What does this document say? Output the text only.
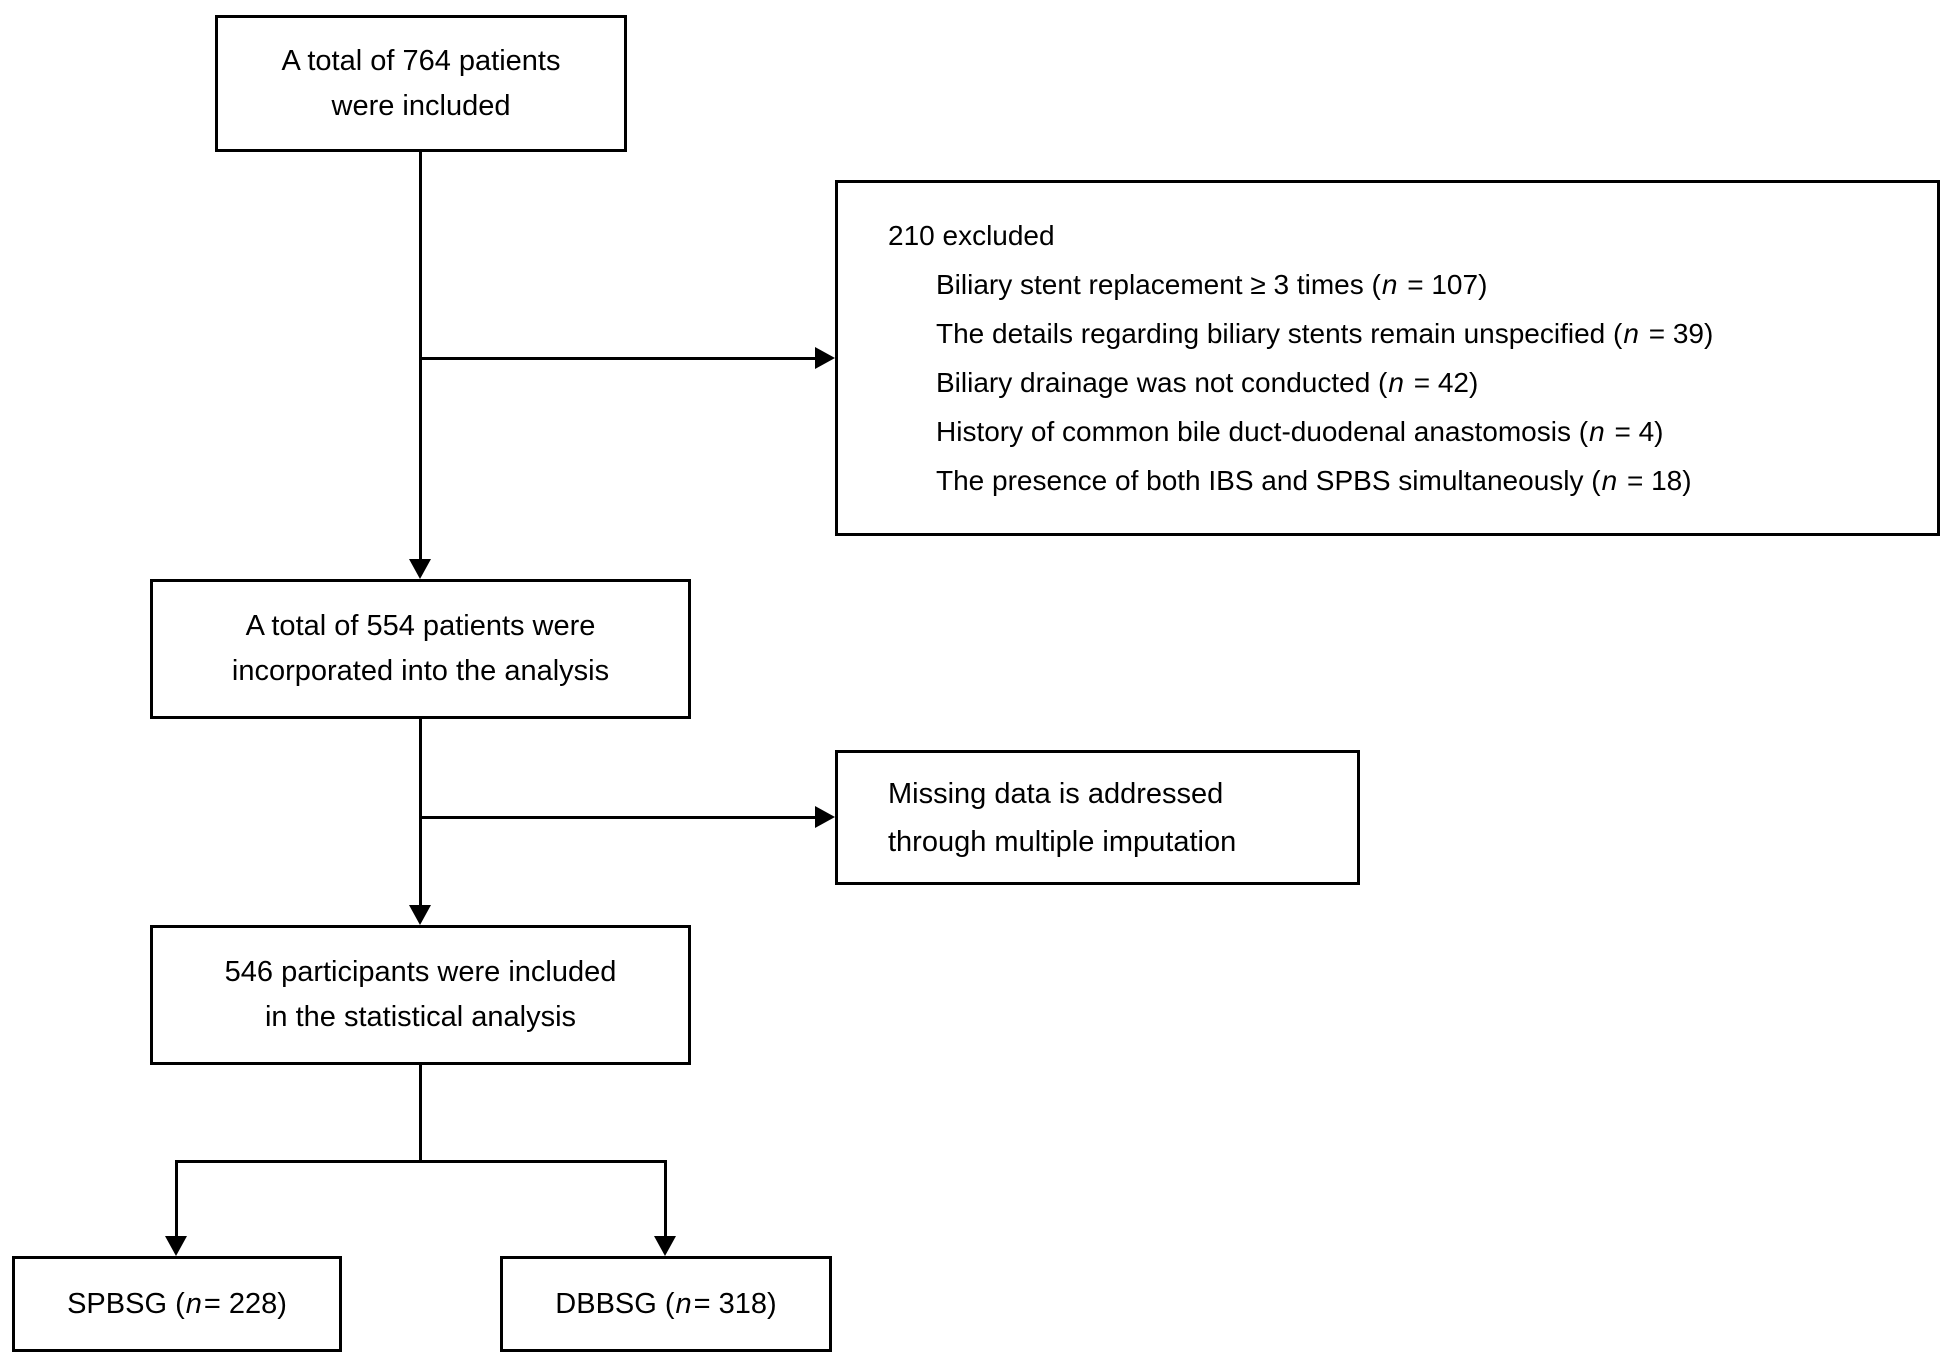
A total of 764 patients
were included
210 excluded
Biliary stent replacement ≥ 3 times (n = 107)
The details regarding biliary stents remain unspecified (n = 39)
Biliary drainage was not conducted (n = 42)
History of common bile duct-duodenal anastomosis (n = 4)
The presence of both IBS and SPBS simultaneously (n = 18)
A total of 554 patients were
incorporated into the analysis
Missing data is addressed
through multiple imputation
546 participants were included
in the statistical analysis
SPBSG ( n = 228)	DBBSG ( n = 318)
